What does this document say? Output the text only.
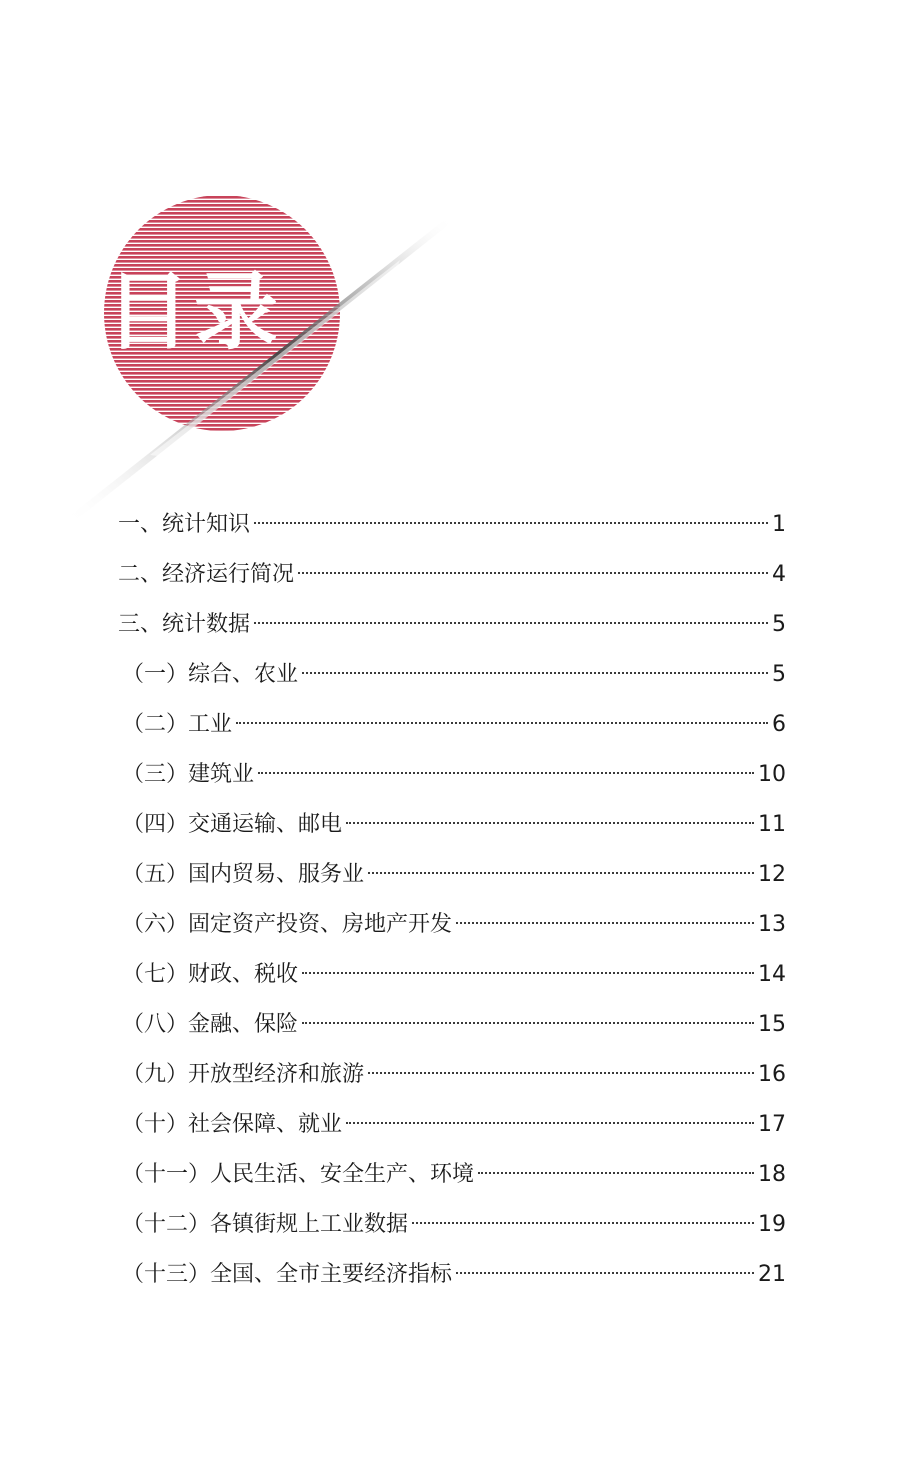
目录
一、统计知识	1
二、经济运行简况	4
三、统计数据	5
（一）综合、农业	5
（二）工业	6
（三）建筑业	10
（四）交通运输、邮电	11
（五）国内贸易、服务业	12
（六）固定资产投资、房地产开发	13
（七）财政、税收	14
（八）金融、保险	15
（九）开放型经济和旅游	16
（十）社会保障、就业	17
（十一）人民生活、安全生产、环境	18
（十二）各镇街规上工业数据	19
（十三）全国、全市主要经济指标	21
